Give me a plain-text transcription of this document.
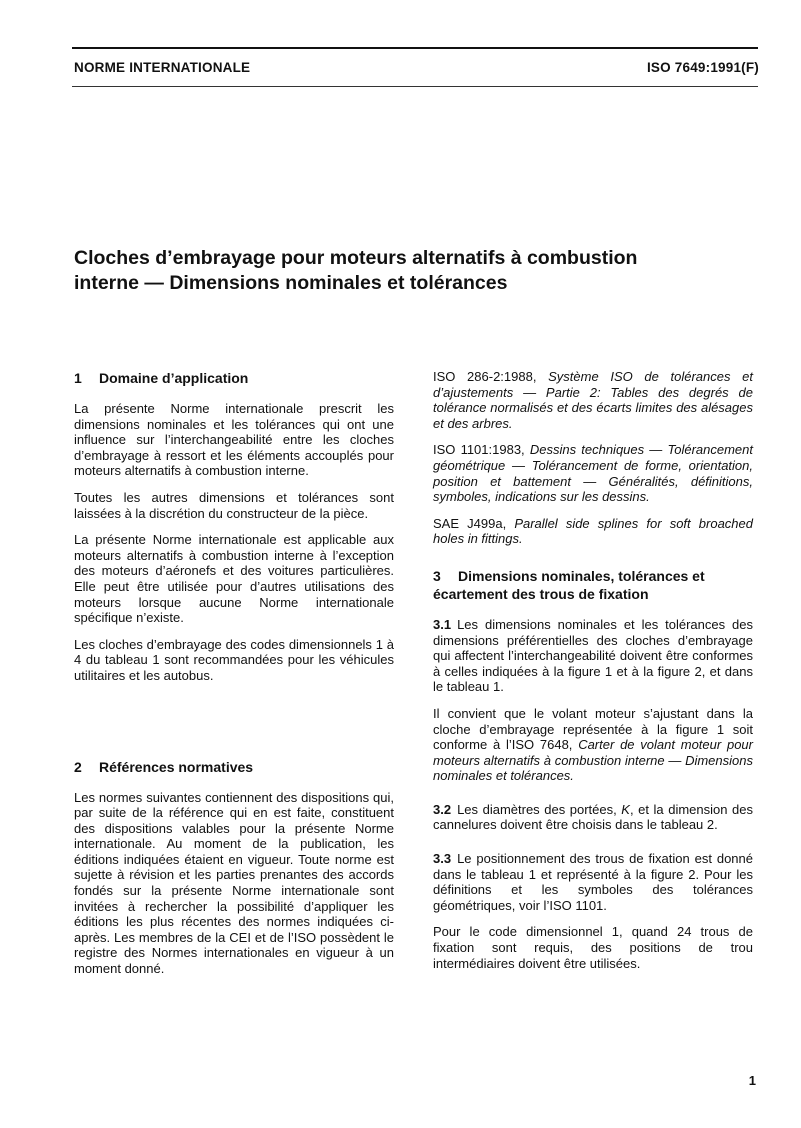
NORME INTERNATIONALE	ISO 7649:1991(F)
Cloches d’embrayage pour moteurs alternatifs à combustion
interne — Dimensions nominales et tolérances
1 Domaine d’application

La présente Norme internationale prescrit les dimensions nominales et les tolérances qui ont une influence sur l’interchangeabilité entre les cloches d’embrayage à ressort et les éléments accouplés pour moteurs alternatifs à combustion interne.

Toutes les autres dimensions et tolérances sont laissées à la discrétion du constructeur de la pièce.

La présente Norme internationale est applicable aux moteurs alternatifs à combustion interne à l’exception des moteurs d’aéronefs et des voitures particulières. Elle peut être utilisée pour d’autres utilisations des moteurs lorsque aucune Norme internationale spécifique n’existe.

Les cloches d’embrayage des codes dimensionnels 1 à 4 du tableau 1 sont recommandées pour les véhicules utilitaires et les autobus.

2 Références normatives

Les normes suivantes contiennent des dispositions qui, par suite de la référence qui en est faite, constituent des dispositions valables pour la présente Norme internationale. Au moment de la publication, les éditions indiquées étaient en vigueur. Toute norme est sujette à révision et les parties prenantes des accords fondés sur la présente Norme internationale sont invitées à rechercher la possibilité d’appliquer les éditions les plus récentes des normes indiquées ci-après. Les membres de la CEI et de l’ISO possèdent le registre des Normes internationales en vigueur à un moment donné.

ISO 286-2:1988, Système ISO de tolérances et d’ajustements — Partie 2: Tables des degrés de tolérance normalisés et des écarts limites des alésages et des arbres.

ISO 1101:1983, Dessins techniques — Tolérancement géométrique — Tolérancement de forme, orientation, position et battement — Généralités, définitions, symboles, indications sur les dessins.

SAE J499a, Parallel side splines for soft broached holes in fittings.

3 Dimensions nominales, tolérances et
écartement des trous de fixation

3.1 Les dimensions nominales et les tolérances des dimensions préférentielles des cloches d’embrayage qui affectent l’interchangeabilité doivent être conformes à celles indiquées à la figure 1 et à la figure 2, et dans le tableau 1.

Il convient que le volant moteur s’ajustant dans la cloche d’embrayage représentée à la figure 1 soit conforme à l’ISO 7648, Carter de volant moteur pour moteurs alternatifs à combustion interne — Dimensions nominales et tolérances.

3.2 Les diamètres des portées, K, et la dimension des cannelures doivent être choisis dans le tableau 2.

3.3 Le positionnement des trous de fixation est donné dans le tableau 1 et représenté à la figure 2. Pour les définitions et les symboles des tolérances géométriques, voir l’ISO 1101.

Pour le code dimensionnel 1, quand 24 trous de fixation sont requis, des positions de trou intermédiaires doivent être utilisées.

1
